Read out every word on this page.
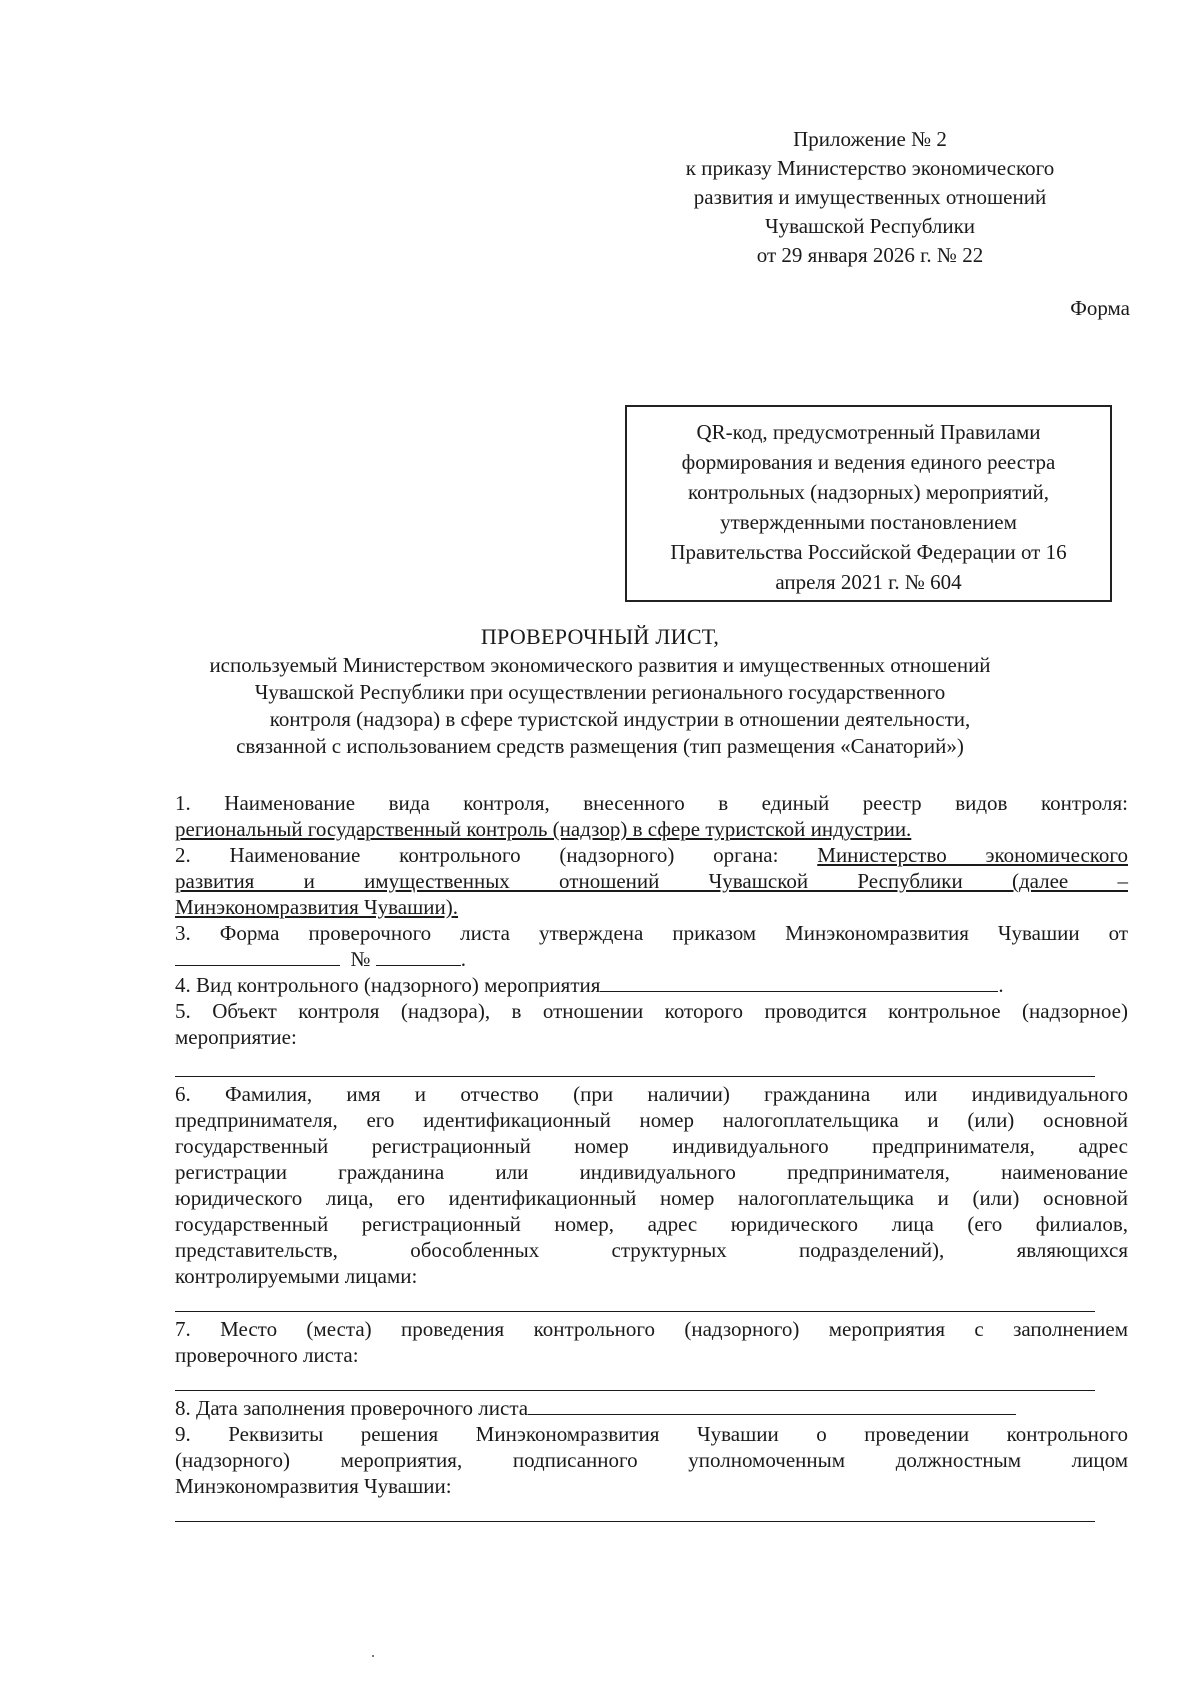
Приложение № 2
к приказу Министерство экономического
развития и имущественных отношений
Чувашской Республики
от 29 января 2026 г. № 22
Форма
QR-код, предусмотренный Правилами
формирования и ведения единого реестра
контрольных (надзорных) мероприятий,
утвержденными постановлением
Правительства Российской Федерации от 16
апреля 2021 г. № 604
ПРОВЕРОЧНЫЙ ЛИСТ,
используемый Министерством экономического развития и имущественных отношений
Чувашской Республики при осуществлении регионального государственного
контроля (надзора) в сфере туристской индустрии в отношении деятельности,
связанной с использованием средств размещения (тип размещения «Санаторий»)
1. Наименование вида контроля, внесенного в единый реестр видов контроля:
региональный государственный контроль (надзор) в сфере туристской индустрии.
2. Наименование контрольного (надзорного) органа: Министерство экономического
развития и имущественных отношений Чувашской Республики (далее –
Минэкономразвития Чувашии).
3. Форма проверочного листа утверждена приказом Минэкономразвития Чувашии от
№	.
4. Вид контрольного (надзорного) мероприятия	.
5. Объект контроля (надзора), в отношении которого проводится контрольное (надзорное)
мероприятие:
6. Фамилия, имя и отчество (при наличии) гражданина или индивидуального
предпринимателя, его идентификационный номер налогоплательщика и (или) основной
государственный регистрационный номер индивидуального предпринимателя, адрес
регистрации гражданина или индивидуального предпринимателя, наименование
юридического лица, его идентификационный номер налогоплательщика и (или) основной
государственный регистрационный номер, адрес юридического лица (его филиалов,
представительств, обособленных структурных подразделений), являющихся
контролируемыми лицами:
7. Место (места) проведения контрольного (надзорного) мероприятия с заполнением
проверочного листа:
8. Дата заполнения проверочного листа
9. Реквизиты решения Минэкономразвития Чувашии о проведении контрольного
(надзорного) мероприятия, подписанного уполномоченным должностным лицом
Минэкономразвития Чувашии:
